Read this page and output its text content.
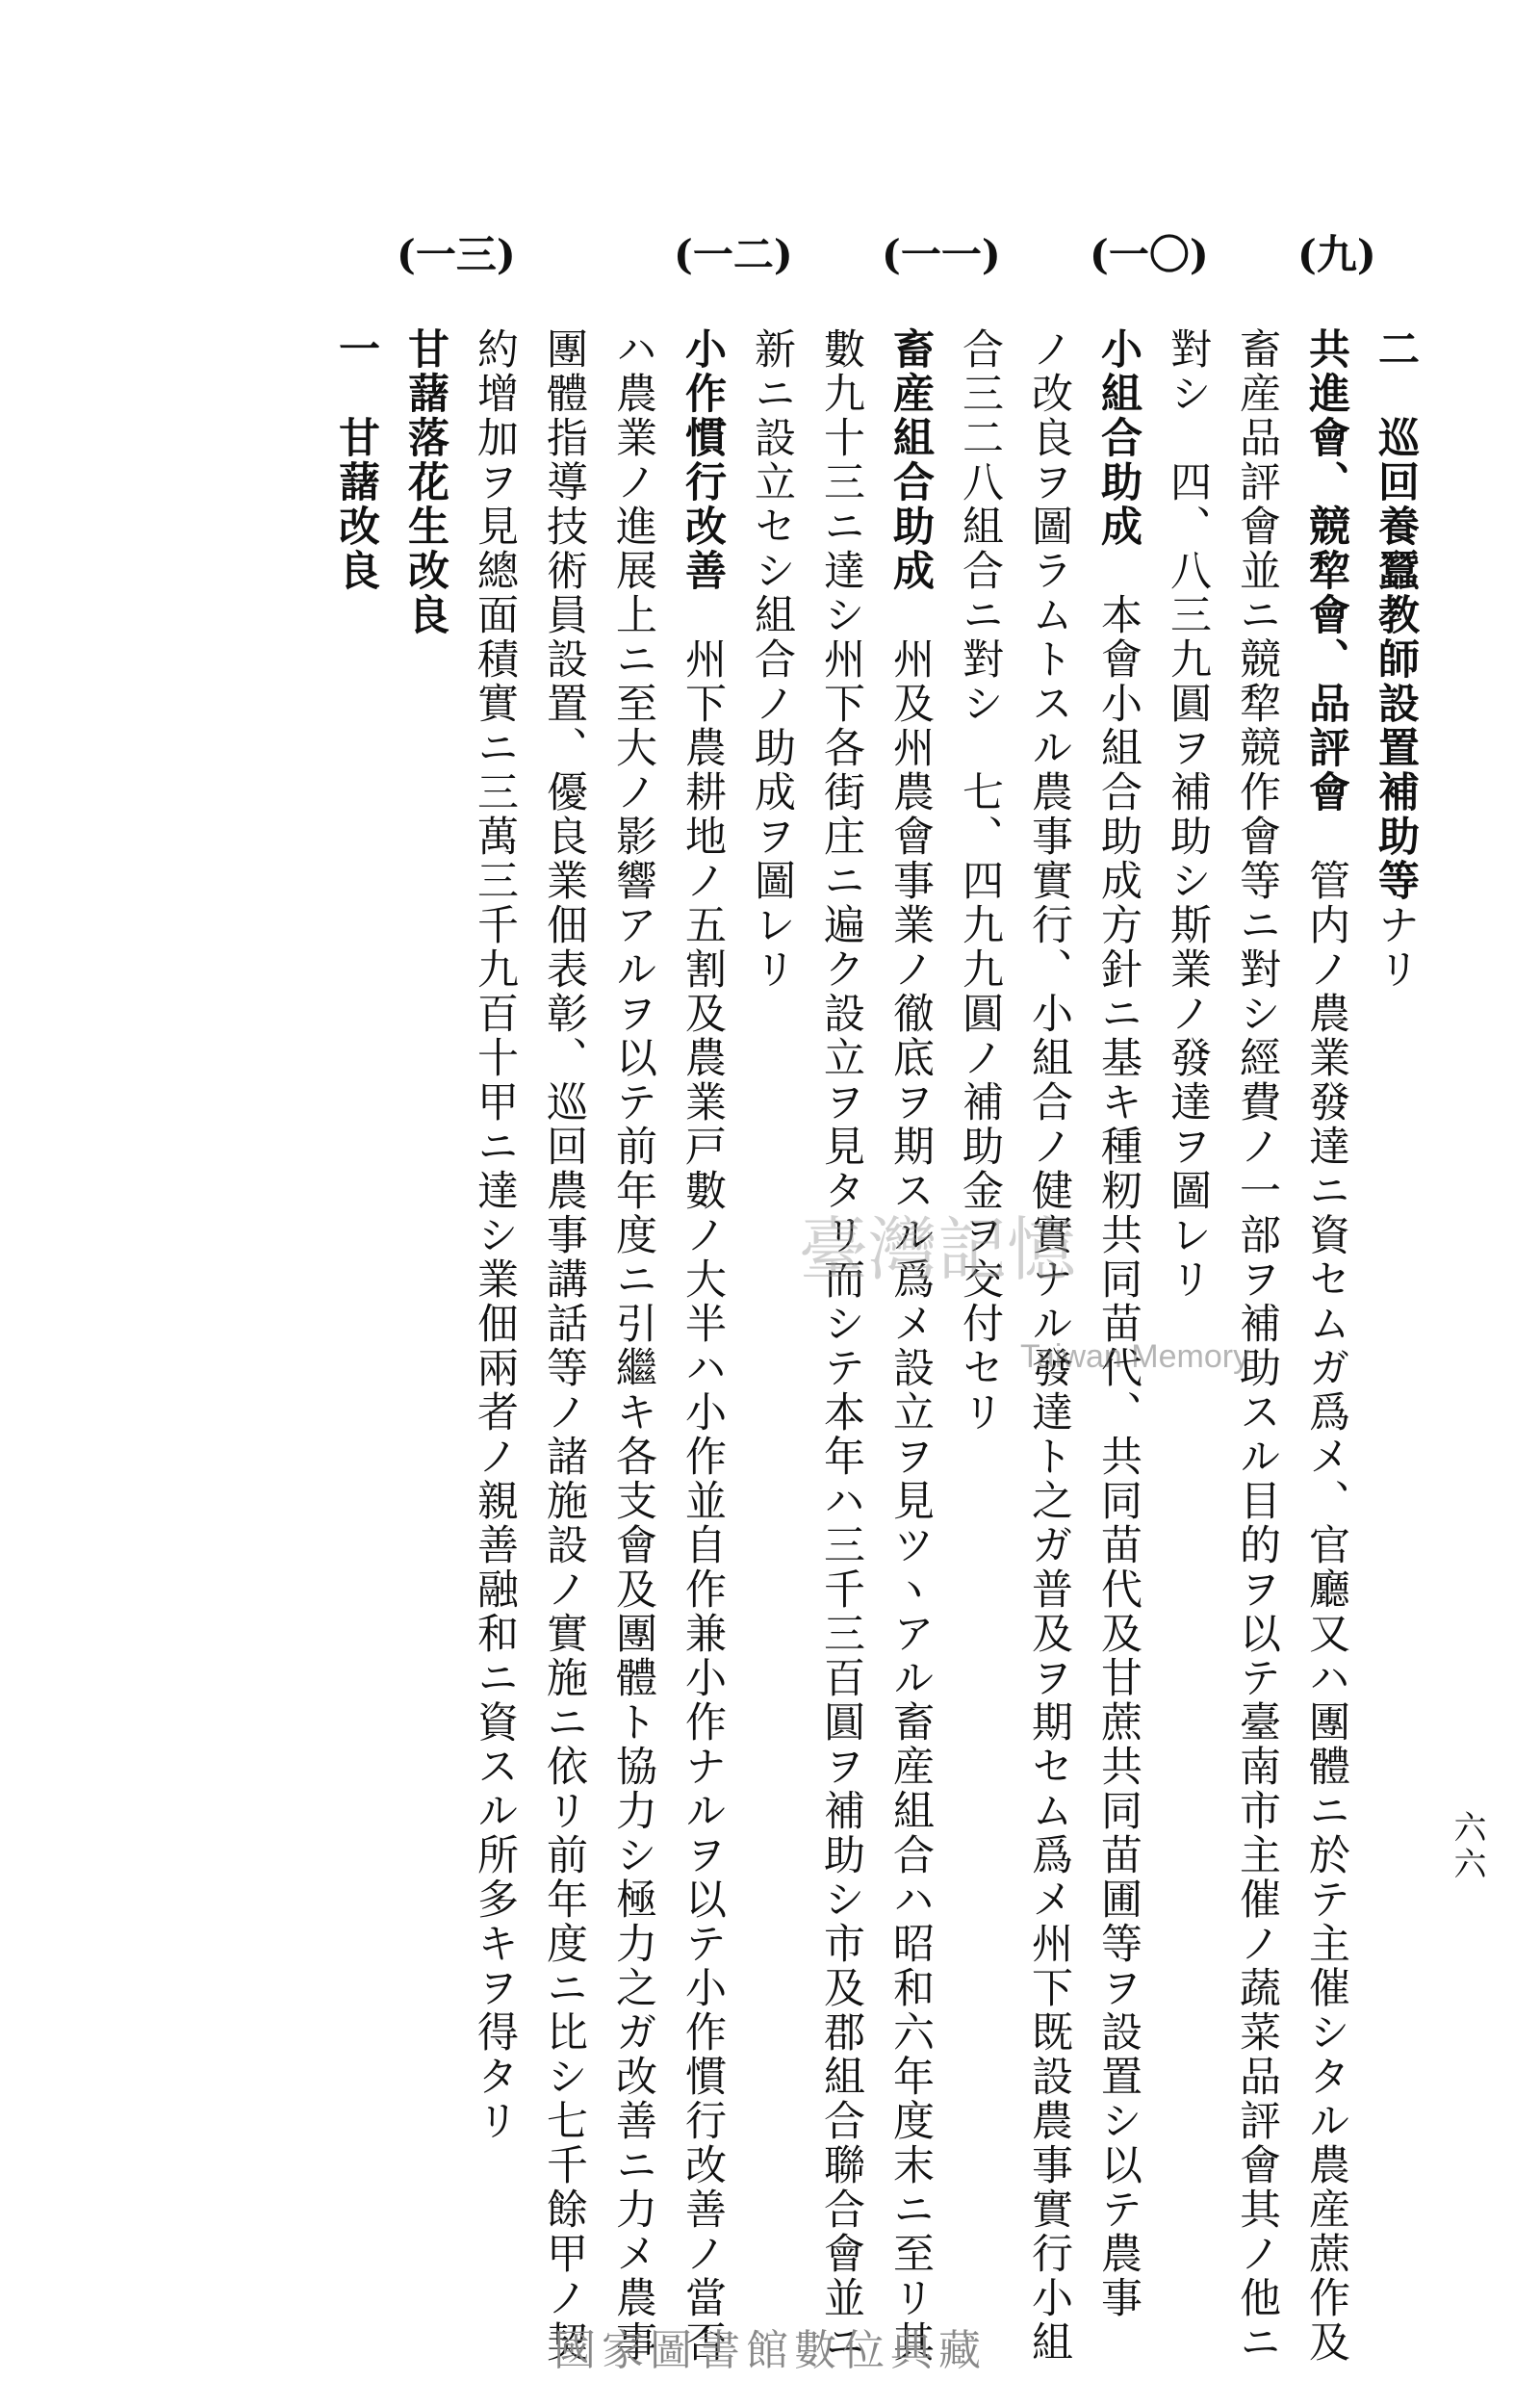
六六
二　巡回養蠶教師設置補助等ナリ
(九)
共進會、競犂會、品評會　管内ノ農業發達ニ資セムガ爲メ、官廳又ハ團體ニ於テ主催シタル農産蔗作及
畜産品評會並ニ競犂競作會等ニ對シ經費ノ一部ヲ補助スル目的ヲ以テ臺南市主催ノ蔬菜品評會其ノ他ニ
對シ　四、八三九圓ヲ補助シ斯業ノ發達ヲ圖レリ
(一〇)
小組合助成　本會小組合助成方針ニ基キ種籾共同苗代、共同苗代及甘蔗共同苗圃等ヲ設置シ以テ農事
ノ改良ヲ圖ラムトスル農事實行、小組合ノ健實ナル發達ト之ガ普及ヲ期セム爲メ州下既設農事實行小組
合三二八組合ニ對シ　七、四九九圓ノ補助金ヲ交付セリ
(一一)
畜産組合助成　州及州農會事業ノ徹底ヲ期スル爲メ設立ヲ見ツヽアル畜産組合ハ昭和六年度末ニ至リ其
數九十三ニ達シ州下各街庄ニ遍ク設立ヲ見タリ而シテ本年ハ三千三百圓ヲ補助シ市及郡組合聯合會並ニ
新ニ設立セシ組合ノ助成ヲ圖レリ
(一二)
小作慣行改善　州下農耕地ノ五割及農業戸數ノ大半ハ小作並自作兼小作ナルヲ以テ小作慣行改善ノ當否
ハ農業ノ進展上ニ至大ノ影響アルヲ以テ前年度ニ引繼キ各支會及團體ト協力シ極力之ガ改善ニ力メ農事
團體指導技術員設置、優良業佃表彰、巡回農事講話等ノ諸施設ノ實施ニ依リ前年度ニ比シ七千餘甲ノ契
約增加ヲ見總面積實ニ三萬三千九百十甲ニ達シ業佃兩者ノ親善融和ニ資スル所多キヲ得タリ
(一三)
甘藷落花生改良
一　甘藷改良
臺灣記憶
Taiwan Memory
國家圖書館數位典藏
